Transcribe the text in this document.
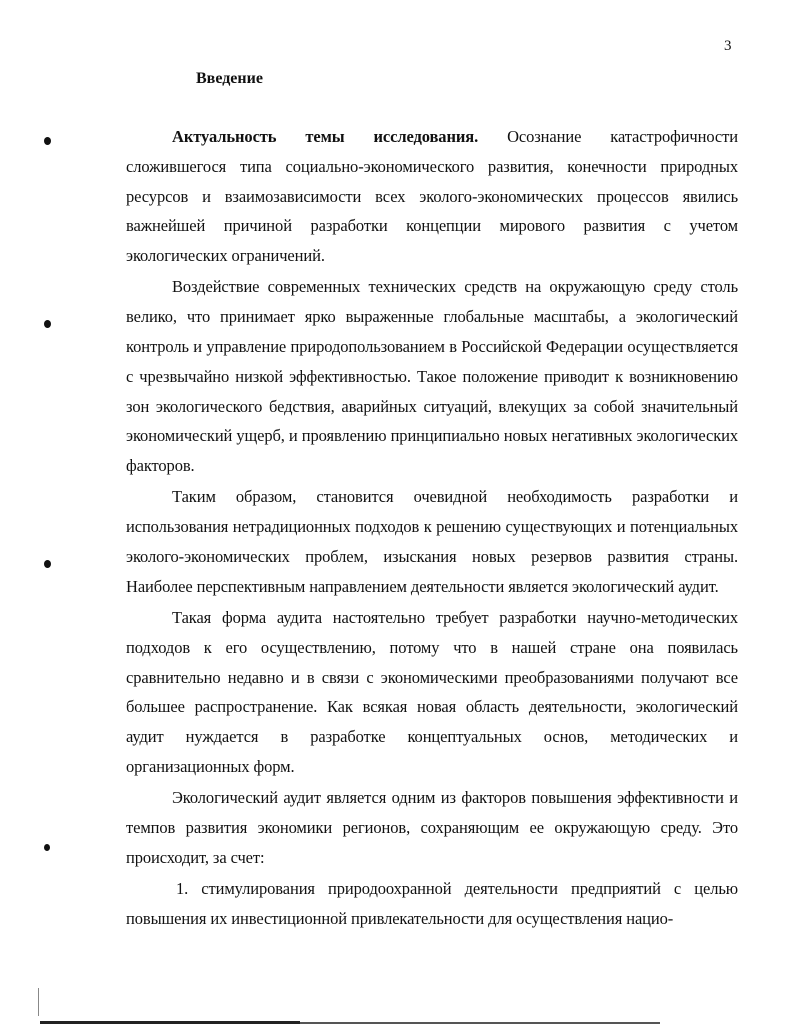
3
Введение

Актуальность темы исследования. Осознание катастрофичности сложившегося типа социально-экономического развития, конечности природных ресурсов и взаимозависимости всех эколого-экономических процессов явились важнейшей причиной разработки концепции мирового развития с учетом экологических ограничений.

Воздействие современных технических средств на окружающую среду столь велико, что принимает ярко выраженные глобальные масштабы, а экологический контроль и управление природопользованием в Российской Федерации осуществляется с чрезвычайно низкой эффективностью. Такое положение приводит к возникновению зон экологического бедствия, аварийных ситуаций, влекущих за собой значительный экономический ущерб, и проявлению принципиально новых негативных экологических факторов.

Таким образом, становится очевидной необходимость разработки и использования нетрадиционных подходов к решению существующих и потенциальных эколого-экономических проблем, изыскания новых резервов развития страны. Наиболее перспективным направлением деятельности является экологический аудит.

Такая форма аудита настоятельно требует разработки научно-методических подходов к его осуществлению, потому что в нашей стране она появилась сравнительно недавно и в связи с экономическими преобразованиями получают все большее распространение. Как всякая новая область деятельности, экологический аудит нуждается в разработке концептуальных основ, методических и организационных форм.

Экологический аудит является одним из факторов повышения эффективности и темпов развития экономики регионов, сохраняющим ее окружающую среду. Это происходит, за счет:

1. стимулирования природоохранной деятельности предприятий с целью повышения их инвестиционной привлекательности для осуществления нацио-
